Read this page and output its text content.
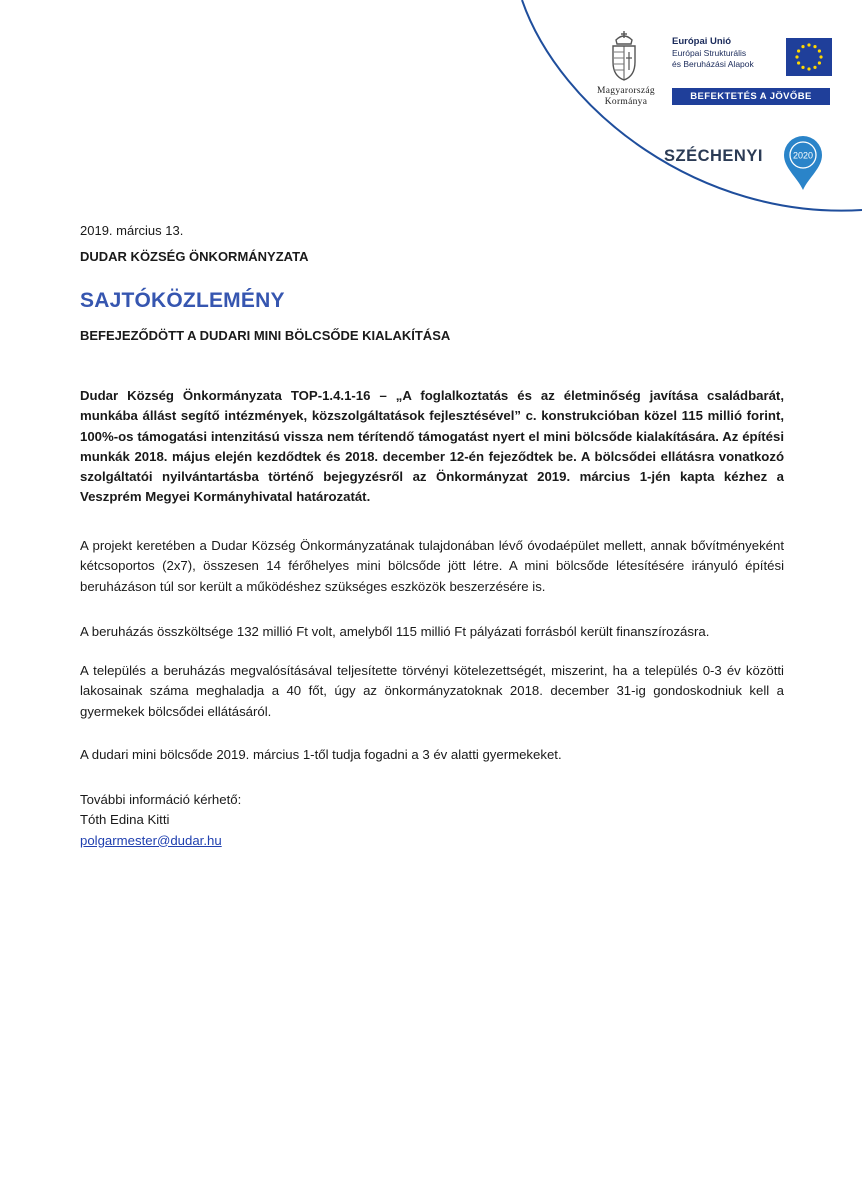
Magyarország
Kormánya
Európai Unió
Európai Strukturális
és Beruházási Alapok
BEFEKTETÉS A JÖVŐBE
SZÉCHENYI	2020
2019. március 13.
DUDAR KÖZSÉG ÖNKORMÁNYZATA
SAJTÓKÖZLEMÉNY
BEFEJEZŐDÖTT A DUDARI MINI BÖLCSŐDE KIALAKÍTÁSA

Dudar Község Önkormányzata TOP-1.4.1-16 – „A foglalkoztatás és az életminőség javítása családbarát, munkába állást segítő intézmények, közszolgáltatások fejlesztésével” c. konstrukcióban közel 115 millió forint, 100%-os támogatási intenzitású vissza nem térítendő támogatást nyert el mini bölcsőde kialakítására. Az építési munkák 2018. május elején kezdődtek és 2018. december 12-én fejeződtek be. A bölcsődei ellátásra vonatkozó szolgáltatói nyilvántartásba történő bejegyzésről az Önkormányzat 2019. március 1-jén kapta kézhez a Veszprém Megyei Kormányhivatal határozatát.

A projekt keretében a Dudar Község Önkormányzatának tulajdonában lévő óvodaépület mellett, annak bővítményeként kétcsoportos (2x7), összesen 14 férőhelyes mini bölcsőde jött létre. A mini bölcsőde létesítésére irányuló építési beruházáson túl sor került a működéshez szükséges eszközök beszerzésére is.

A beruházás összköltsége 132 millió Ft volt, amelyből 115 millió Ft pályázati forrásból került finanszírozásra.

A település a beruházás megvalósításával teljesítette törvényi kötelezettségét, miszerint, ha a település 0-3 év közötti lakosainak száma meghaladja a 40 főt, úgy az önkormányzatoknak 2018. december 31-ig gondoskodniuk kell a gyermekek bölcsődei ellátásáról.

A dudari mini bölcsőde 2019. március 1-től tudja fogadni a 3 év alatti gyermekeket.

További információ kérhető:
Tóth Edina Kitti
polgarmester@dudar.hu
